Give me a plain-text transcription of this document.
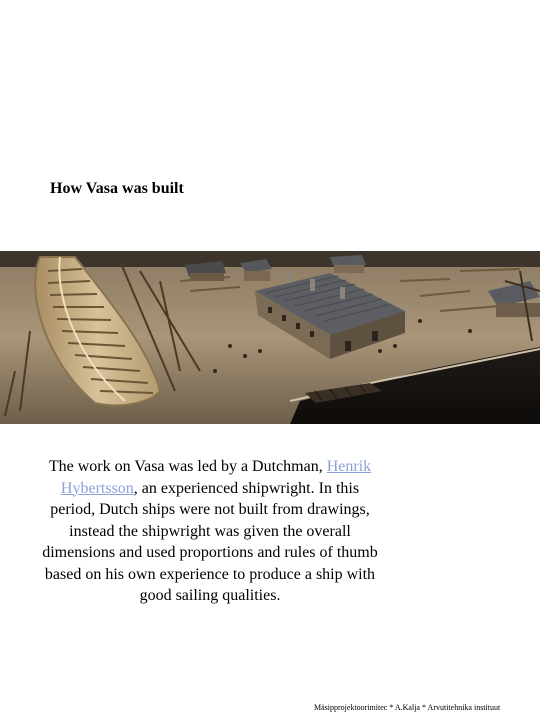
How Vasa was built
The work on Vasa was led by a Dutchman, Henrik Hybertsson, an experienced shipwright. In this period, Dutch ships were not built from drawings, instead the shipwright was given the overall dimensions and used proportions and rules of thumb based on his own experience to produce a ship with good sailing qualities.
Mäsipprojektoorimitec * A.Kalja * Arvutitehnika instituut
